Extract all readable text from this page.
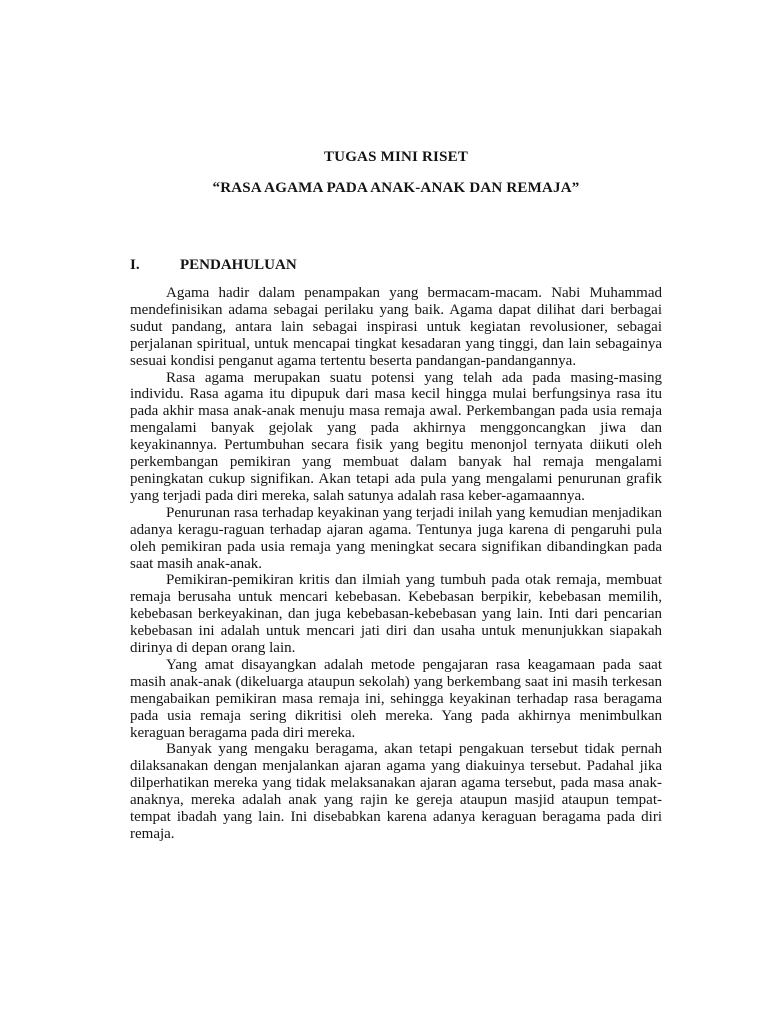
TUGAS MINI RISET
“RASA AGAMA PADA ANAK-ANAK DAN REMAJA”
I.	PENDAHULUAN

Agama hadir dalam penampakan yang bermacam-macam. Nabi Muhammad mendefinisikan adama sebagai perilaku yang baik. Agama dapat dilihat dari berbagai sudut pandang, antara lain sebagai inspirasi untuk kegiatan revolusioner, sebagai perjalanan spiritual, untuk mencapai tingkat kesadaran yang tinggi, dan lain sebagainya sesuai kondisi penganut agama tertentu beserta pandangan-pandangannya.

Rasa agama merupakan suatu potensi yang telah ada pada masing-masing individu. Rasa agama itu dipupuk dari masa kecil hingga mulai berfungsinya rasa itu pada akhir masa anak-anak menuju masa remaja awal. Perkembangan pada usia remaja mengalami banyak gejolak yang pada akhirnya menggoncangkan jiwa dan keyakinannya. Pertumbuhan secara fisik yang begitu menonjol ternyata diikuti oleh perkembangan pemikiran yang membuat dalam banyak hal remaja mengalami peningkatan cukup signifikan. Akan tetapi ada pula yang mengalami penurunan grafik yang terjadi pada diri mereka, salah satunya adalah rasa keber-agamaannya.

Penurunan rasa terhadap keyakinan yang terjadi inilah yang kemudian menjadikan adanya keragu-raguan terhadap ajaran agama. Tentunya juga karena di pengaruhi pula oleh pemikiran pada usia remaja yang meningkat secara signifikan dibandingkan pada saat masih anak-anak.

Pemikiran-pemikiran kritis dan ilmiah yang tumbuh pada otak remaja, membuat remaja berusaha untuk mencari kebebasan. Kebebasan berpikir, kebebasan memilih, kebebasan berkeyakinan, dan juga kebebasan-kebebasan yang lain. Inti dari pencarian kebebasan ini adalah untuk mencari jati diri dan usaha untuk menunjukkan siapakah dirinya di depan orang lain.

Yang amat disayangkan adalah metode pengajaran rasa keagamaan pada saat masih anak-anak (dikeluarga ataupun sekolah) yang berkembang saat ini masih terkesan mengabaikan pemikiran masa remaja ini, sehingga keyakinan terhadap rasa beragama pada usia remaja sering dikritisi oleh mereka. Yang pada akhirnya menimbulkan keraguan beragama pada diri mereka.

Banyak yang mengaku beragama, akan tetapi pengakuan tersebut tidak pernah dilaksanakan dengan menjalankan ajaran agama yang diakuinya tersebut. Padahal jika dilperhatikan mereka yang tidak melaksanakan ajaran agama tersebut, pada masa anak-anaknya, mereka adalah anak yang rajin ke gereja ataupun masjid ataupun tempat-tempat ibadah yang lain. Ini disebabkan karena adanya keraguan beragama pada diri remaja.
